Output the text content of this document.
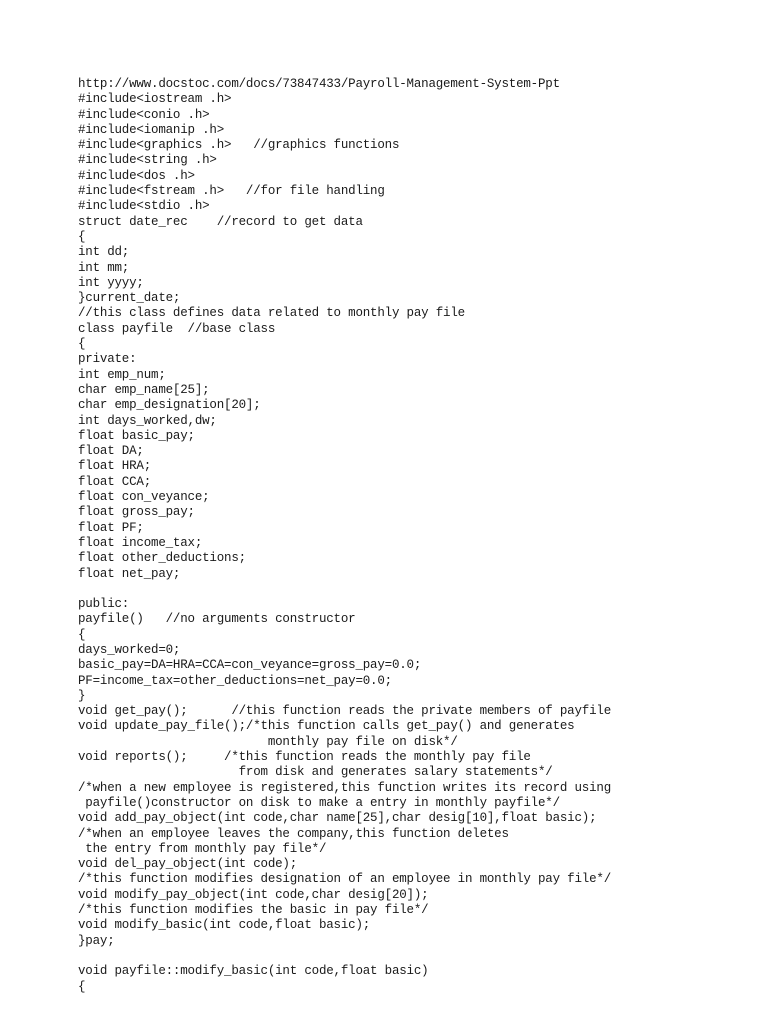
http://www.docstoc.com/docs/73847433/Payroll-Management-System-Ppt
#include<iostream .h>
#include<conio .h>
#include<iomanip .h>
#include<graphics .h>   //graphics functions
#include<string .h>
#include<dos .h>
#include<fstream .h>   //for file handling
#include<stdio .h>
struct date_rec    //record to get data
{
int dd;
int mm;
int yyyy;
}current_date;
//this class defines data related to monthly pay file
class payfile  //base class
{
private:
int emp_num;
char emp_name[25];
char emp_designation[20];
int days_worked,dw;
float basic_pay;
float DA;
float HRA;
float CCA;
float con_veyance;
float gross_pay;
float PF;
float income_tax;
float other_deductions;
float net_pay;
public:
payfile()   //no arguments constructor
{
days_worked=0;
basic_pay=DA=HRA=CCA=con_veyance=gross_pay=0.0;
PF=income_tax=other_deductions=net_pay=0.0;
}
void get_pay();      //this function reads the private members of payfile
void update_pay_file();/*this function calls get_pay() and generates
monthly pay file on disk*/
void reports();     /*this function reads the monthly pay file
from disk and generates salary statements*/
/*when a new employee is registered,this function writes its record using
payfile()constructor on disk to make a entry in monthly payfile*/
void add_pay_object(int code,char name[25],char desig[10],float basic);
/*when an employee leaves the company,this function deletes
the entry from monthly pay file*/
void del_pay_object(int code);
/*this function modifies designation of an employee in monthly pay file*/
void modify_pay_object(int code,char desig[20]);
/*this function modifies the basic in pay file*/
void modify_basic(int code,float basic);
}pay;
void payfile::modify_basic(int code,float basic)
{
